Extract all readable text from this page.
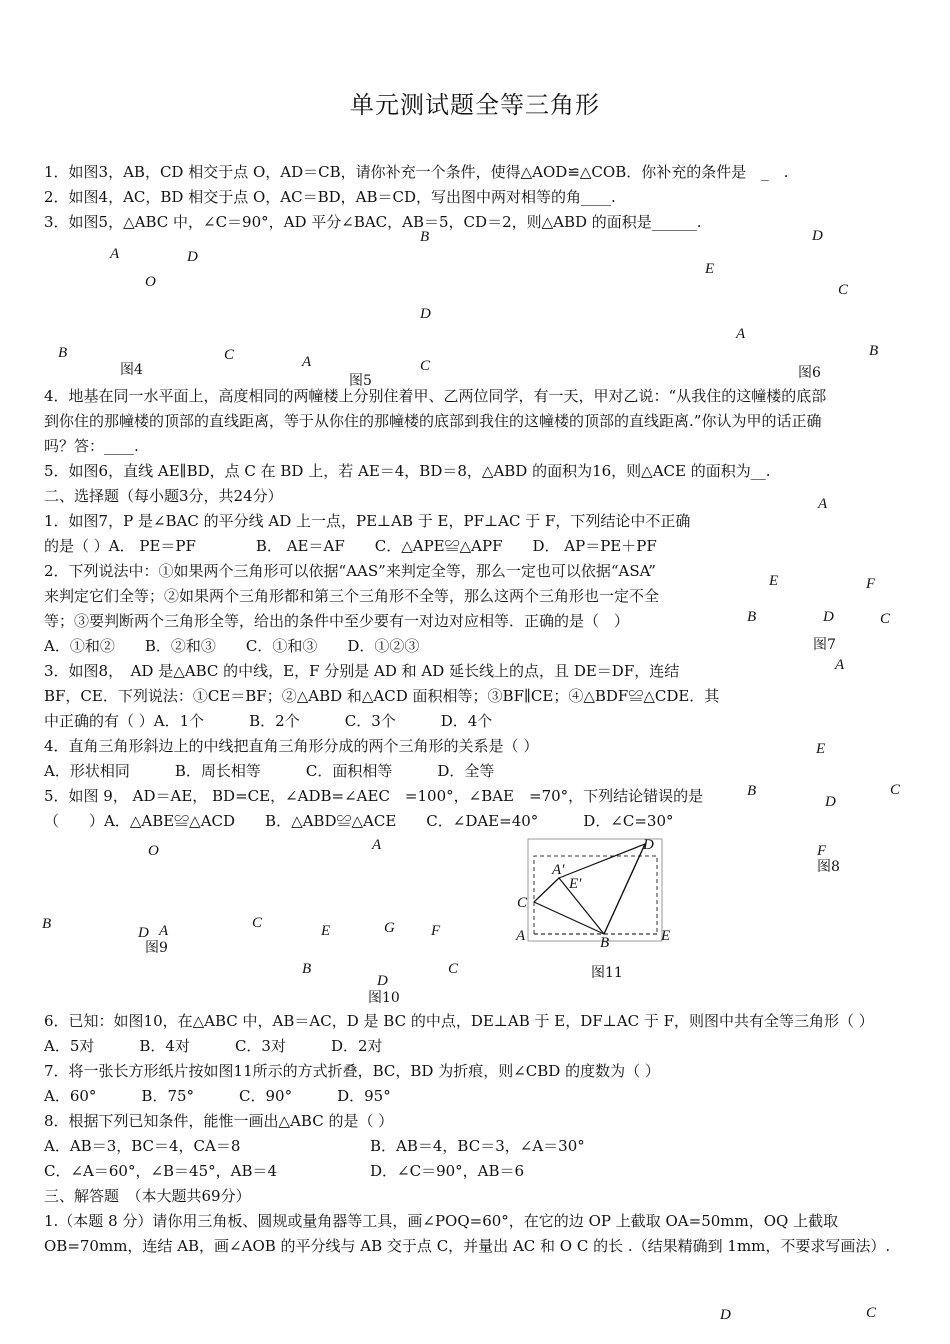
单元测试题全等三角形
1．如图3，AB，CD 相交于点 O，AD＝CB，请你补充一个条件，使得△AOD≌△COB．你补充的条件是　_　.
2．如图4，AC，BD 相交于点 O，AC＝BD，AB＝CD，写出图中两对相等的角____.
3．如图5，△ABC 中，∠C＝90°，AD 平分∠BAC，AB＝5，CD＝2，则△ABD 的面积是______.
A	D
O
B	C
图4
B
D
A	C
图5
D
E
C
A
B
图6
4．地基在同一水平面上，高度相同的两幢楼上分别住着甲、乙两位同学，有一天，甲对乙说：“从我住的这幢楼的底部
到你住的那幢楼的顶部的直线距离，等于从你住的那幢楼的底部到我住的这幢楼的顶部的直线距离.”你认为甲的话正确
吗？答：____.
5．如图6，直线 AE∥BD，点 C 在 BD 上，若 AE＝4，BD＝8，△ABD 的面积为16，则△ACE 的面积为__.
二、选择题（每小题3分，共24分）
1．如图7，P 是∠BAC 的平分线 AD 上一点，PE⊥AB 于 E，PF⊥AC 于 F，下列结论中不正确
的是（ ）A． PE＝PF　　　　B． AE＝AF　　C．△APE≌△APF　　D． AP＝PE＋PF
2．下列说法中：①如果两个三角形可以依据“AAS”来判定全等，那么一定也可以依据“ASA”
来判定它们全等；②如果两个三角形都和第三个三角形不全等，那么这两个三角形也一定不全
等；③要判断两个三角形全等，给出的条件中至少要有一对边对应相等．正确的是（　）
A．①和②　　B．②和③　　C．①和③　　D．①②③
3．如图8，　AD 是△ABC 的中线，E，F 分别是 AD 和 AD 延长线上的点，且 DE＝DF，连结
BF，CE．下列说法：①CE＝BF；②△ABD 和△ACD 面积相等；③BF∥CE；④△BDF≌△CDE．其
中正确的有（ ）A．1个　　　B．2个　　　C．3个　　　D．4个
4．直角三角形斜边上的中线把直角三角形分成的两个三角形的关系是（ ）
A．形状相同　　　B．周长相等　　　C．面积相等　　　D．全等
5．如图 9， AD＝AE， BD=CE，∠ADB=∠AEC　=100°，∠BAE　=70°，下列结论错误的是
（　　）A．△ABE≌△ACD　　B．△ABD≌△ACE　　C．∠DAE=40°　　　D．∠C=30°
A
E	F
B	D	C
图7
A
E
B
D
C
F
图8
O
B
D A
图9
A
C	E	G F
B
D
C
图10
D
A′
E′
C
A	B	E
图11
6．已知：如图10，在△ABC 中，AB＝AC，D 是 BC 的中点，DE⊥AB 于 E，DF⊥AC 于 F，则图中共有全等三角形（ ）
A．5对　　　B．4对　　　C．3对　　　D．2对
7．将一张长方形纸片按如图11所示的方式折叠，BC，BD 为折痕，则∠CBD 的度数为（ ）
A．60°　　　B．75°　　　C．90°　　　D．95°
8．根据下列已知条件，能惟一画出△ABC 的是（ ）
A．AB＝3，BC＝4，CA＝8	B．AB＝4，BC＝3，∠A＝30°
C．∠A＝60°，∠B＝45°，AB＝4	D．∠C＝90°，AB＝6
三、解答题　（本大题共69分）
1.（本题 8 分）请你用三角板、圆规或量角器等工具，画∠POQ=60°，在它的边 OP 上截取 OA=50mm，OQ 上截取
OB=70mm，连结 AB，画∠AOB 的平分线与 AB 交于点 C，并量出 AC 和 O C 的长 .（结果精确到 1mm，不要求写画法）.
D	C
